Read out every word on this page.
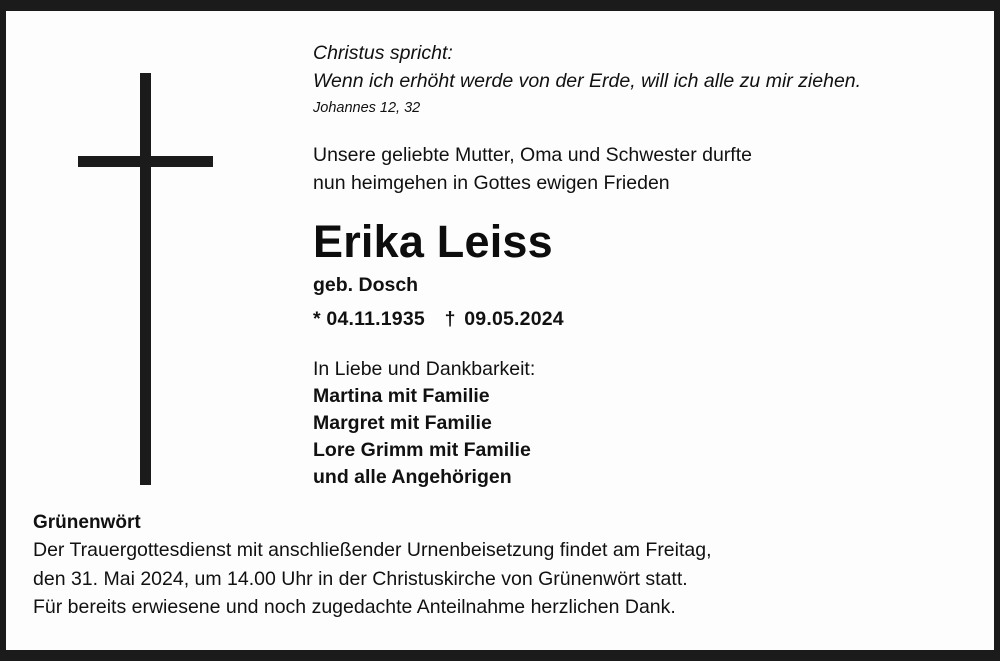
Christus spricht:
Wenn ich erhöht werde von der Erde, will ich alle zu mir ziehen.
Johannes 12, 32
Unsere geliebte Mutter, Oma und Schwester durfte
nun heimgehen in Gottes ewigen Frieden
Erika Leiss
geb. Dosch
* 04.11.1935 † 09.05.2024
In Liebe und Dankbarkeit:
Martina mit Familie
Margret mit Familie
Lore Grimm mit Familie
und alle Angehörigen
Grünenwört
Der Trauergottesdienst mit anschließender Urnenbeisetzung findet am Freitag,
den 31. Mai 2024, um 14.00 Uhr in der Christuskirche von Grünenwört statt.
Für bereits erwiesene und noch zugedachte Anteilnahme herzlichen Dank.
